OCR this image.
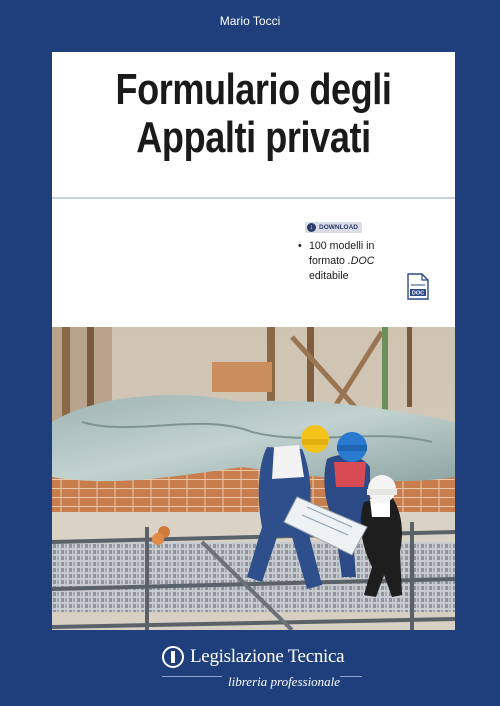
Mario Tocci
Formulario degli
Appalti privati
•
•
•
•
•
•
↓ DOWNLOAD
• 100 modelli in
formato .DOC
editabile
DOC
Legislazione Tecnica
libreria professionale
